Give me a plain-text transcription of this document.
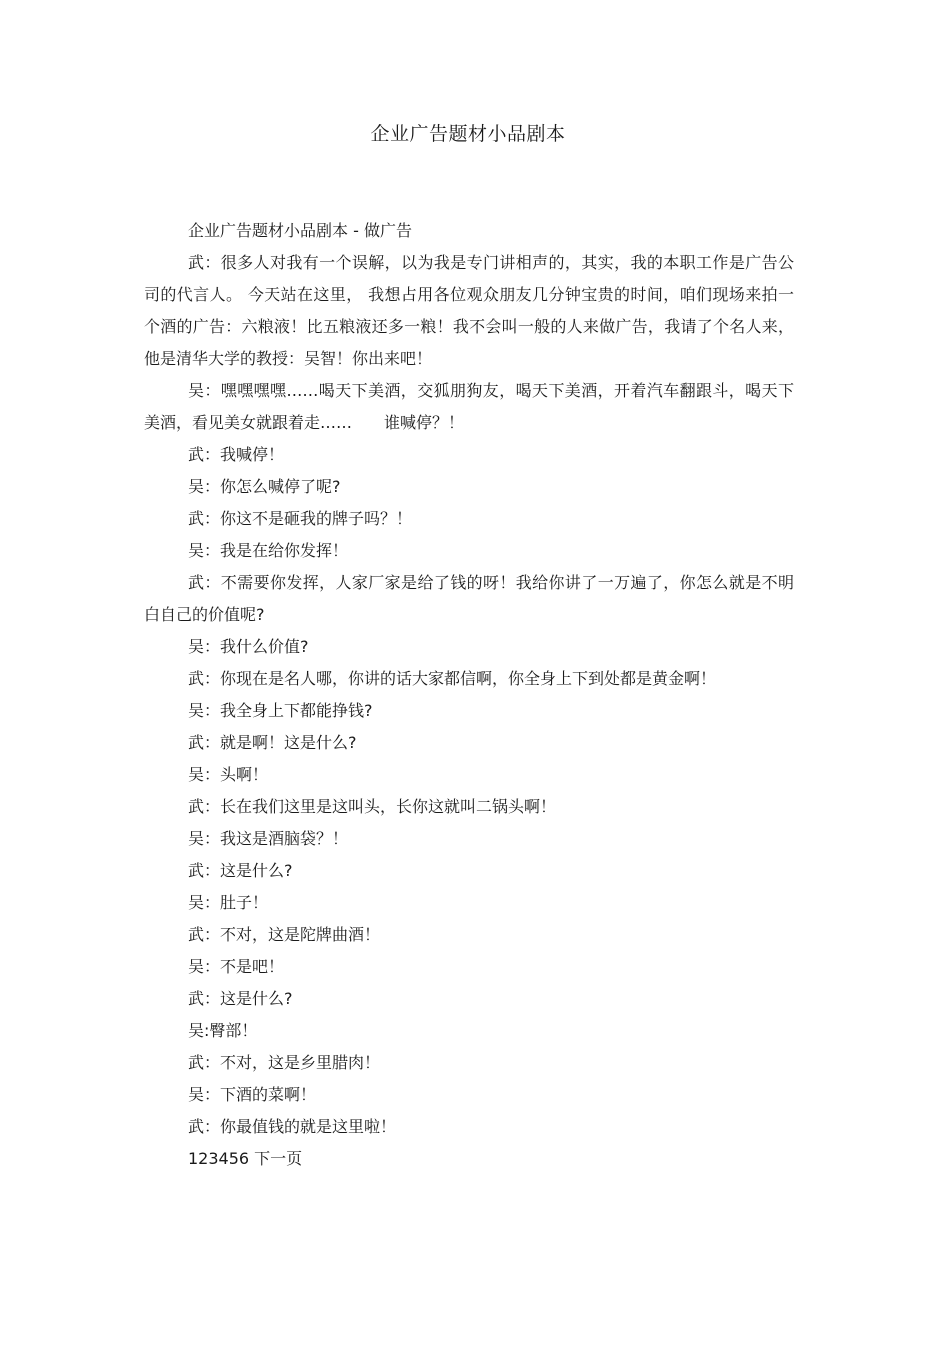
企业广告题材小品剧本

企业广告题材小品剧本 - 做广告

武：很多人对我有一个误解，以为我是专门讲相声的，其实，我的本职工作是广告公司的代言人。 今天站在这里， 我想占用各位观众朋友几分钟宝贵的时间，咱们现场来拍一个酒的广告：六粮液！比五粮液还多一粮！我不会叫一般的人来做广告，我请了个名人来，他是清华大学的教授：吴智！你出来吧！

吴：嘿嘿嘿嘿……喝天下美酒，交狐朋狗友，喝天下美酒，开着汽车翻跟斗，喝天下美酒，看见美女就跟着走……　　谁喊停？！

武：我喊停！

吴：你怎么喊停了呢?

武：你这不是砸我的牌子吗？！

吴：我是在给你发挥！

武：不需要你发挥，人家厂家是给了钱的呀！我给你讲了一万遍了，你怎么就是不明白自己的价值呢?

吴：我什么价值?

武：你现在是名人哪，你讲的话大家都信啊，你全身上下到处都是黄金啊！

吴：我全身上下都能挣钱?

武：就是啊！这是什么?

吴：头啊！

武：长在我们这里是这叫头，长你这就叫二锅头啊！

吴：我这是酒脑袋？！

武：这是什么?

吴：肚子！

武：不对，这是陀牌曲酒！

吴：不是吧！

武：这是什么?

吴:臀部！

武：不对，这是乡里腊肉！

吴：下酒的菜啊！

武：你最值钱的就是这里啦！

123456 下一页
